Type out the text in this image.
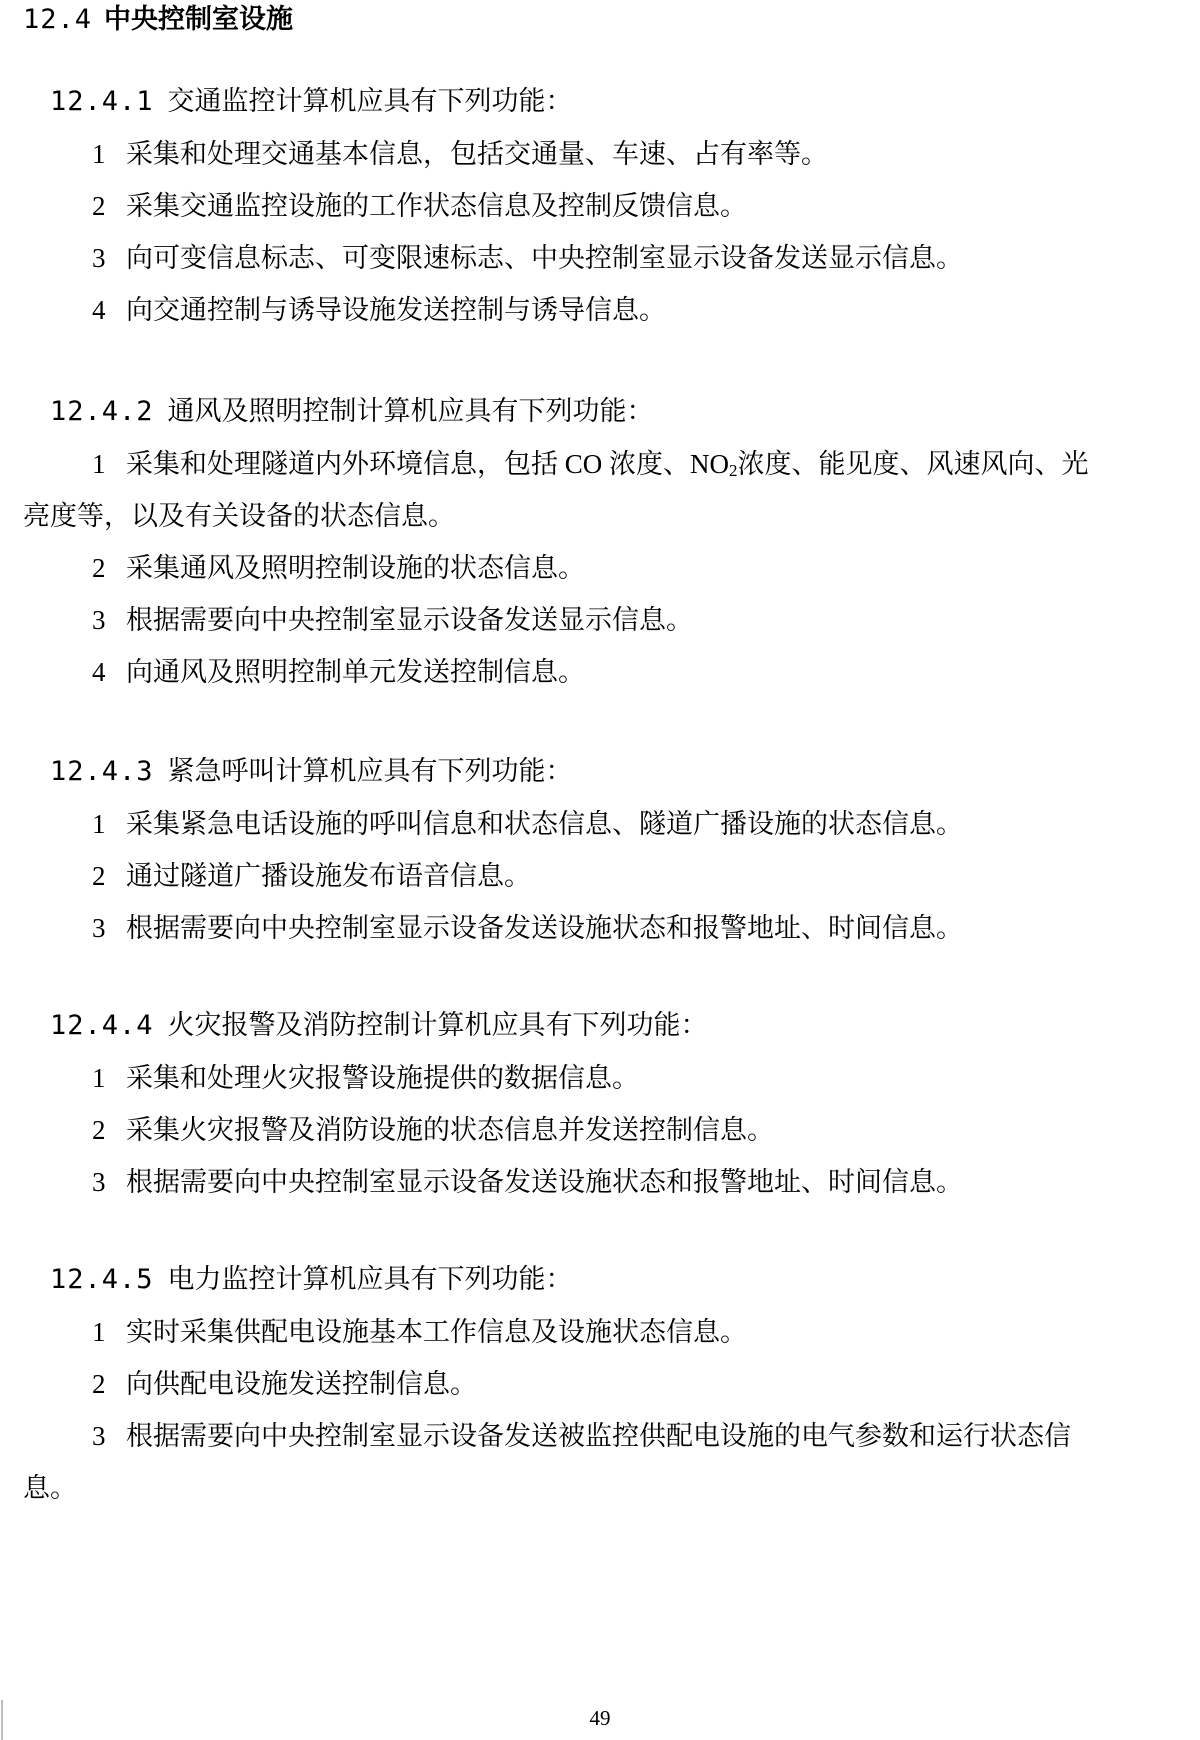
12.4 中央控制室设施
12.4.1 交通监控计算机应具有下列功能：
1 采集和处理交通基本信息，包括交通量、车速、占有率等。
2 采集交通监控设施的工作状态信息及控制反馈信息。
3 向可变信息标志、可变限速标志、中央控制室显示设备发送显示信息。
4 向交通控制与诱导设施发送控制与诱导信息。
12.4.2 通风及照明控制计算机应具有下列功能：
1 采集和处理隧道内外环境信息，包括 CO 浓度、NO2浓度、能见度、风速风向、光
亮度等，以及有关设备的状态信息。
2 采集通风及照明控制设施的状态信息。
3 根据需要向中央控制室显示设备发送显示信息。
4 向通风及照明控制单元发送控制信息。
12.4.3 紧急呼叫计算机应具有下列功能：
1 采集紧急电话设施的呼叫信息和状态信息、隧道广播设施的状态信息。
2 通过隧道广播设施发布语音信息。
3 根据需要向中央控制室显示设备发送设施状态和报警地址、时间信息。
12.4.4 火灾报警及消防控制计算机应具有下列功能：
1 采集和处理火灾报警设施提供的数据信息。
2 采集火灾报警及消防设施的状态信息并发送控制信息。
3 根据需要向中央控制室显示设备发送设施状态和报警地址、时间信息。
12.4.5 电力监控计算机应具有下列功能：
1 实时采集供配电设施基本工作信息及设施状态信息。
2 向供配电设施发送控制信息。
3 根据需要向中央控制室显示设备发送被监控供配电设施的电气参数和运行状态信
息。
49
